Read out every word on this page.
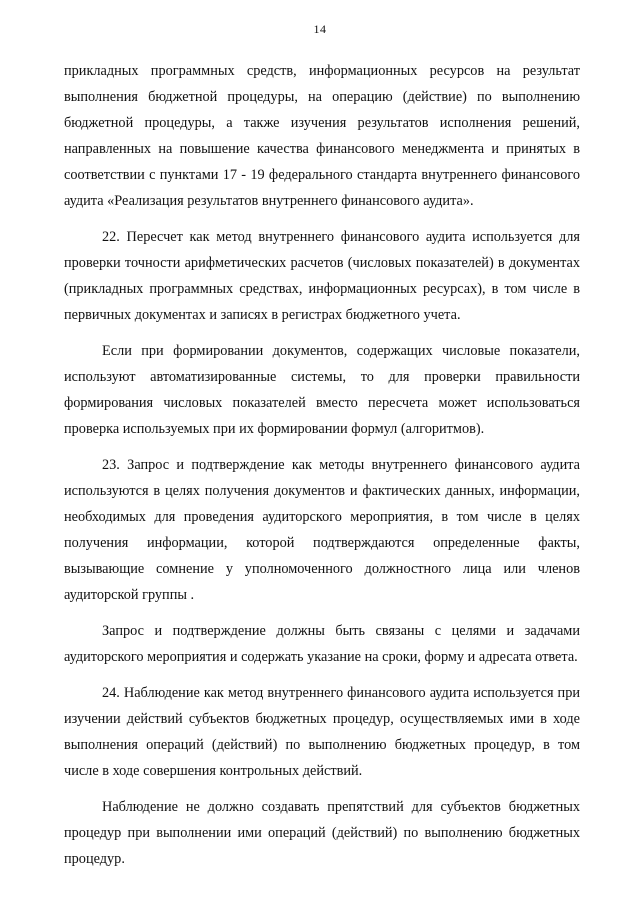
14

прикладных программных средств, информационных ресурсов на результат выполнения бюджетной процедуры, на операцию (действие) по выполнению бюджетной процедуры, а также изучения результатов исполнения решений, направленных на повышение качества финансового менеджмента и принятых в соответствии с пунктами 17 - 19 федерального стандарта внутреннего финансового аудита «Реализация результатов внутреннего финансового аудита».

22. Пересчет как метод внутреннего финансового аудита используется для проверки точности арифметических расчетов (числовых показателей) в документах (прикладных программных средствах, информационных ресурсах), в том числе в первичных документах и записях в регистрах бюджетного учета.

Если при формировании документов, содержащих числовые показатели, используют автоматизированные системы, то для проверки правильности формирования числовых показателей вместо пересчета может использоваться проверка используемых при их формировании формул (алгоритмов).

23. Запрос и подтверждение как методы внутреннего финансового аудита используются в целях получения документов и фактических данных, информации, необходимых для проведения аудиторского мероприятия, в том числе в целях получения информации, которой подтверждаются определенные факты, вызывающие сомнение у уполномоченного должностного лица или членов аудиторской группы .

Запрос и подтверждение должны быть связаны с целями и задачами аудиторского мероприятия и содержать указание на сроки, форму и адресата ответа.

24. Наблюдение как метод внутреннего финансового аудита используется при изучении действий субъектов бюджетных процедур, осуществляемых ими в ходе выполнения операций (действий) по выполнению бюджетных процедур, в том числе в ходе совершения контрольных действий.

Наблюдение не должно создавать препятствий для субъектов бюджетных процедур при выполнении ими операций (действий) по выполнению бюджетных процедур.
